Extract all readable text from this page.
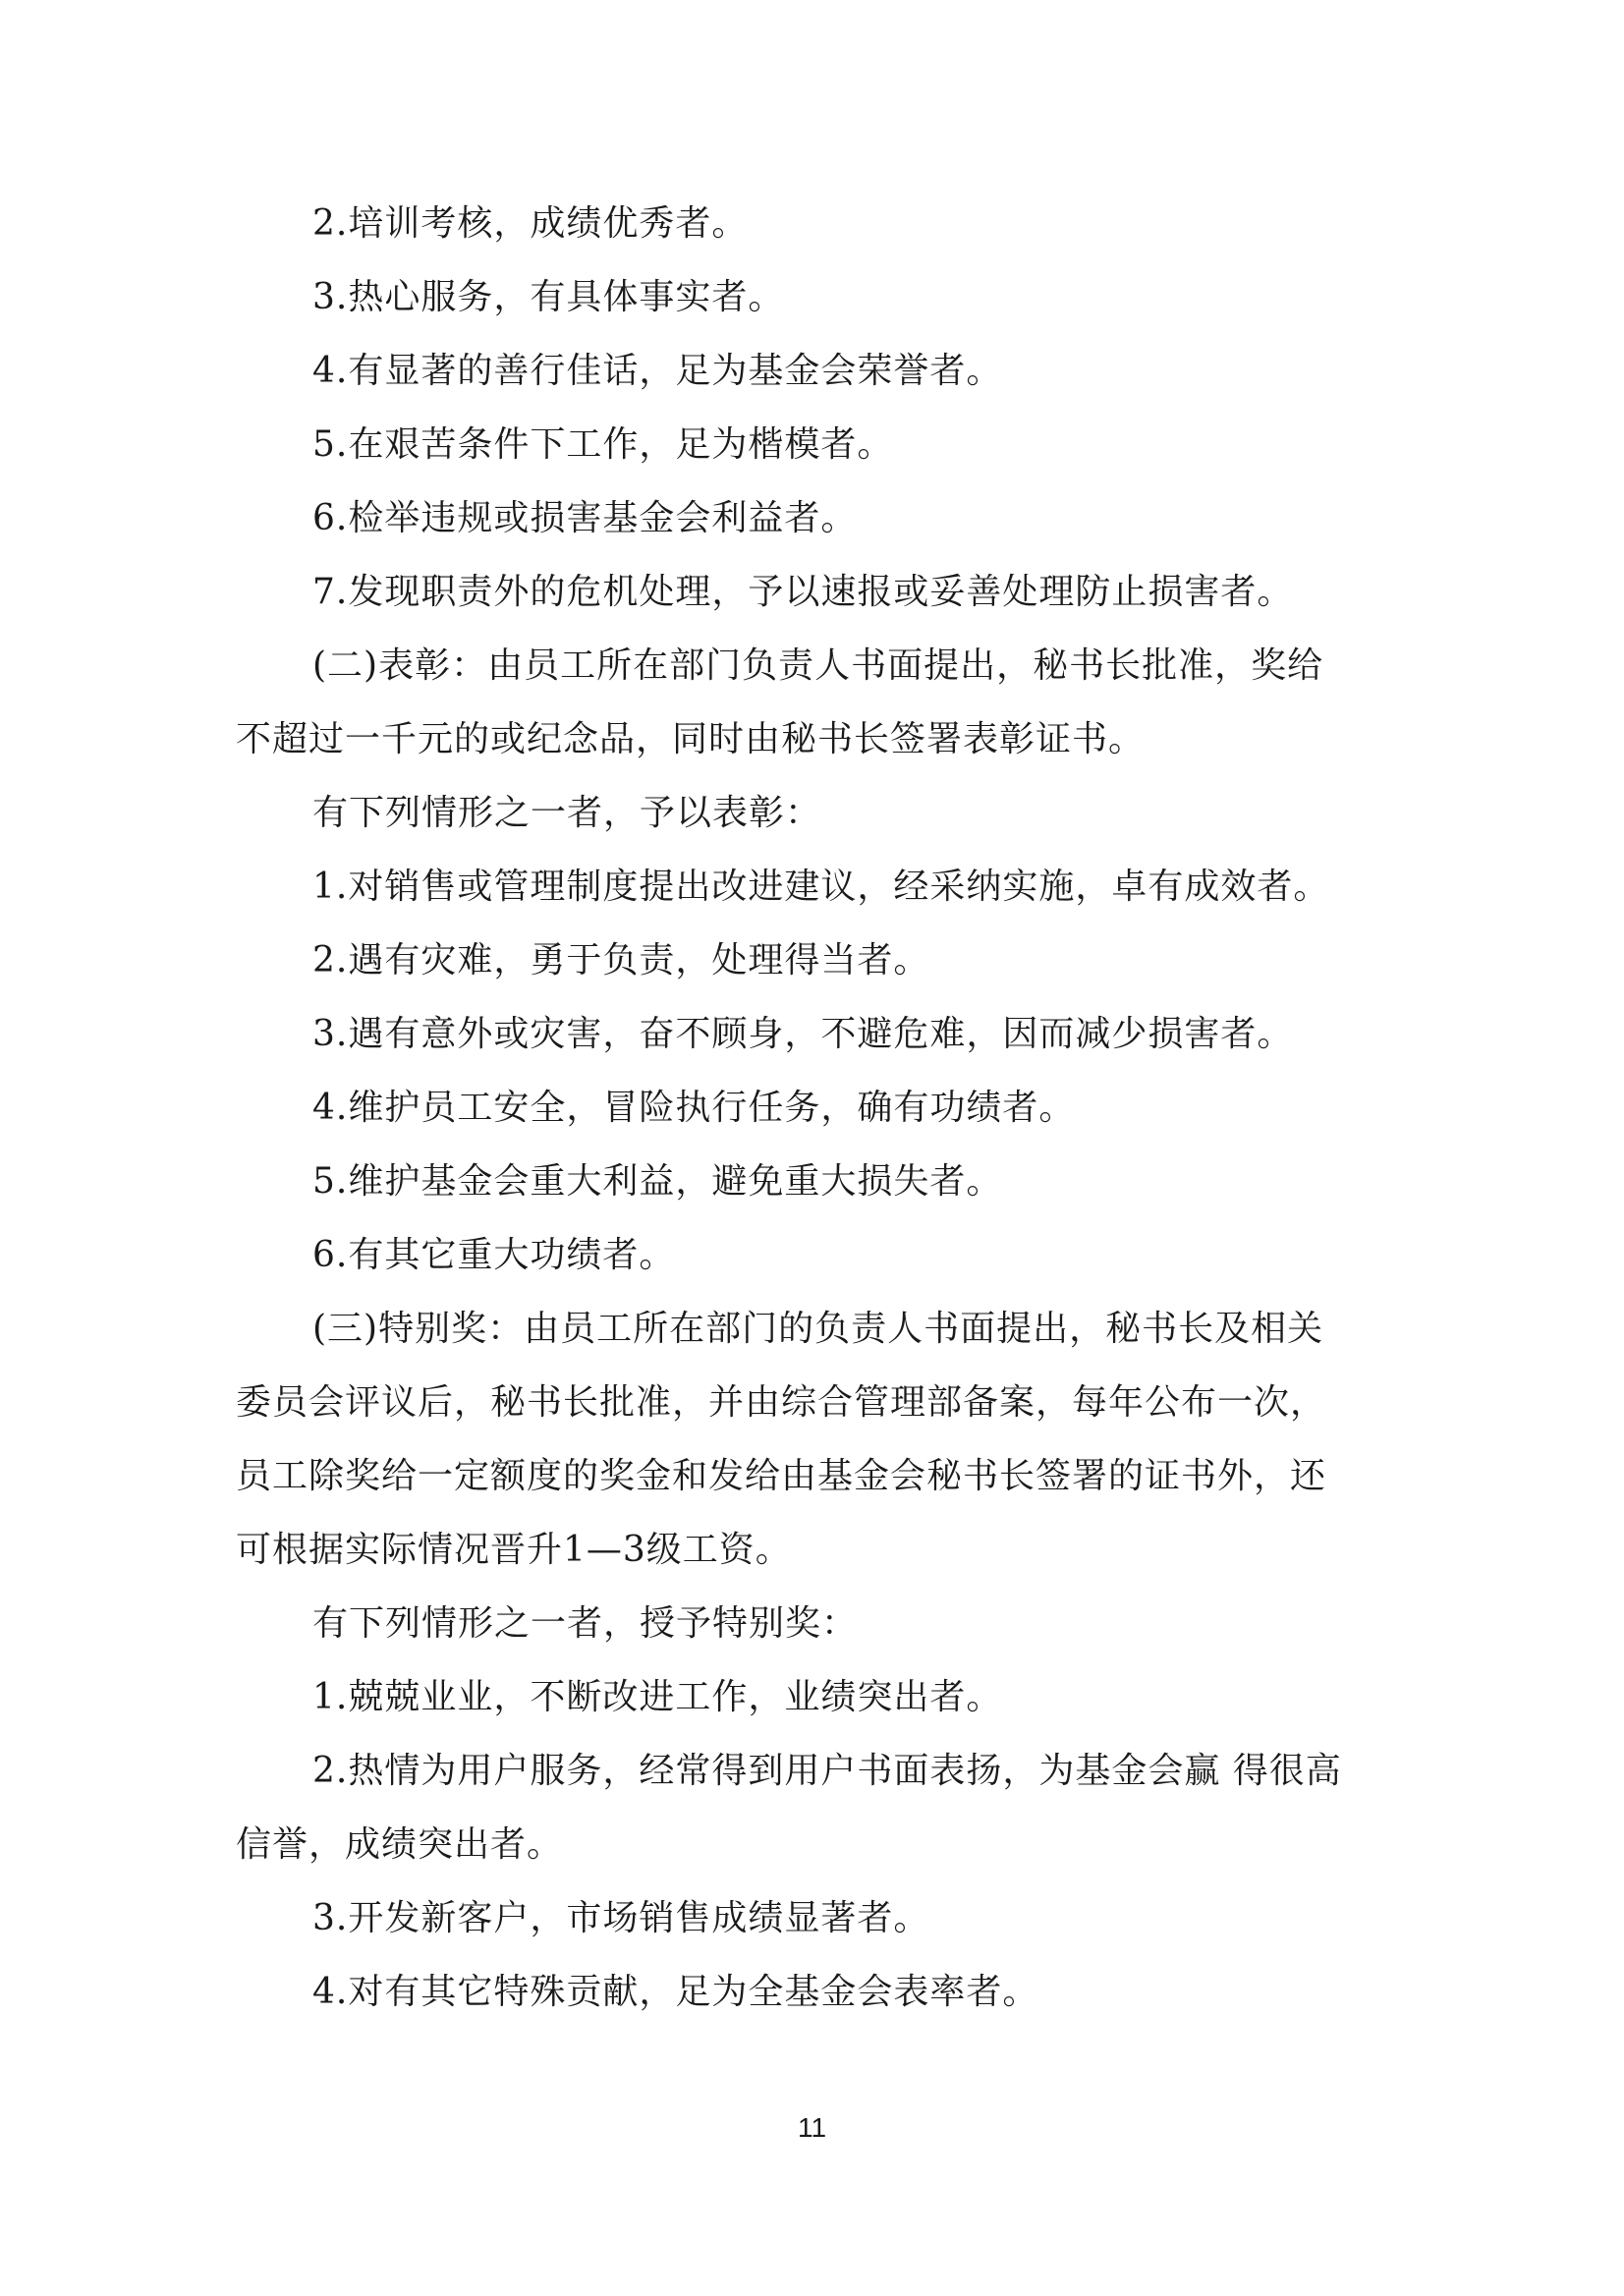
2.培训考核，成绩优秀者。
3.热心服务，有具体事实者。
4.有显著的善行佳话，足为基金会荣誉者。
5.在艰苦条件下工作，足为楷模者。
6.检举违规或损害基金会利益者。
7.发现职责外的危机处理，予以速报或妥善处理防止损害者。
(二)表彰：由员工所在部门负责人书面提出，秘书长批准，奖给
不超过一千元的或纪念品，同时由秘书长签署表彰证书。
有下列情形之一者，予以表彰：
1.对销售或管理制度提出改进建议，经采纳实施，卓有成效者。
2.遇有灾难，勇于负责，处理得当者。
3.遇有意外或灾害，奋不顾身，不避危难，因而减少损害者。
4.维护员工安全，冒险执行任务，确有功绩者。
5.维护基金会重大利益，避免重大损失者。
6.有其它重大功绩者。
(三)特别奖：由员工所在部门的负责人书面提出，秘书长及相关
委员会评议后，秘书长批准，并由综合管理部备案，每年公布一次，
员工除奖给一定额度的奖金和发给由基金会秘书长签署的证书外，还
可根据实际情况晋升1—3级工资。
有下列情形之一者，授予特别奖：
1.兢兢业业，不断改进工作，业绩突出者。
2.热情为用户服务，经常得到用户书面表扬，为基金会赢 得很高
信誉，成绩突出者。
3.开发新客户，市场销售成绩显著者。
4.对有其它特殊贡献，足为全基金会表率者。
11
